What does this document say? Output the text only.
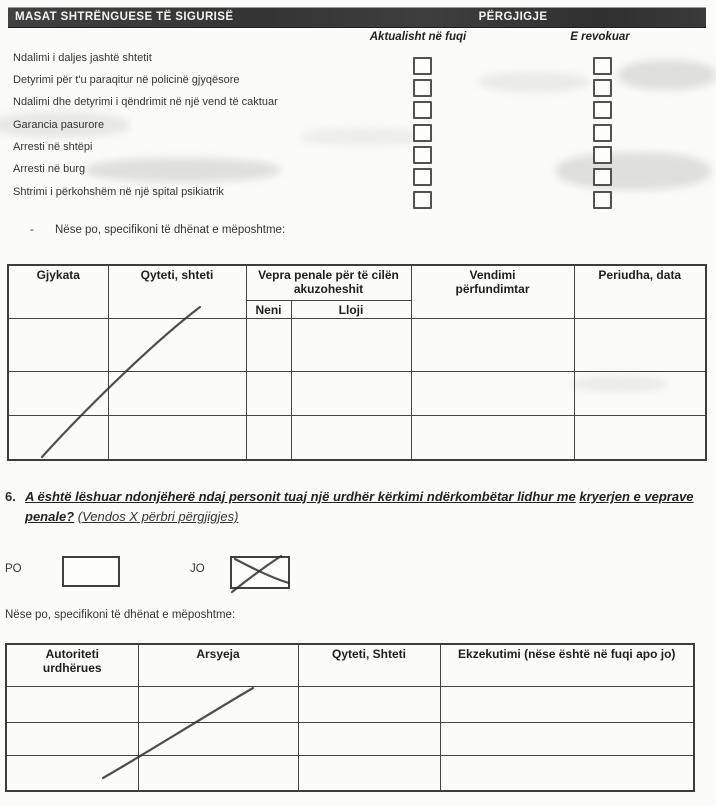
MASAT SHTRËNGUESE TË SIGURISË	PËRGJIGJE
Aktualisht në fuqi	E revokuar
Ndalimi i daljes jashtë shtetit
Detyrimi për t'u paraqitur në policinë gjyqësore
Ndalimi dhe detyrimi i qëndrimit në një vend të caktuar
Garancia pasurore
Arresti në shtëpi
Arresti në burg
Shtrimi i përkohshëm në një spital psikiatrik
- Nëse po, specifikoni të dhënat e mëposhtme:
Gjykata	Qyteti, shteti	Vepra penale për të cilën akuzoheshit		Vendimi përfundimtar	Periudha, data
		Neni	Lloji		

6. A është lëshuar ndonjëherë ndaj personit tuaj një urdhër kërkimi ndërkombëtar lidhur me kryerjen e veprave penale? (Vendos X përbri përgjigjes)
PO	JO
Nëse po, specifikoni të dhënat e mëposhtme:
Autoriteti urdhërues	Arsyeja	Qyteti, Shteti	Ekzekutimi (nëse është në fuqi apo jo)
